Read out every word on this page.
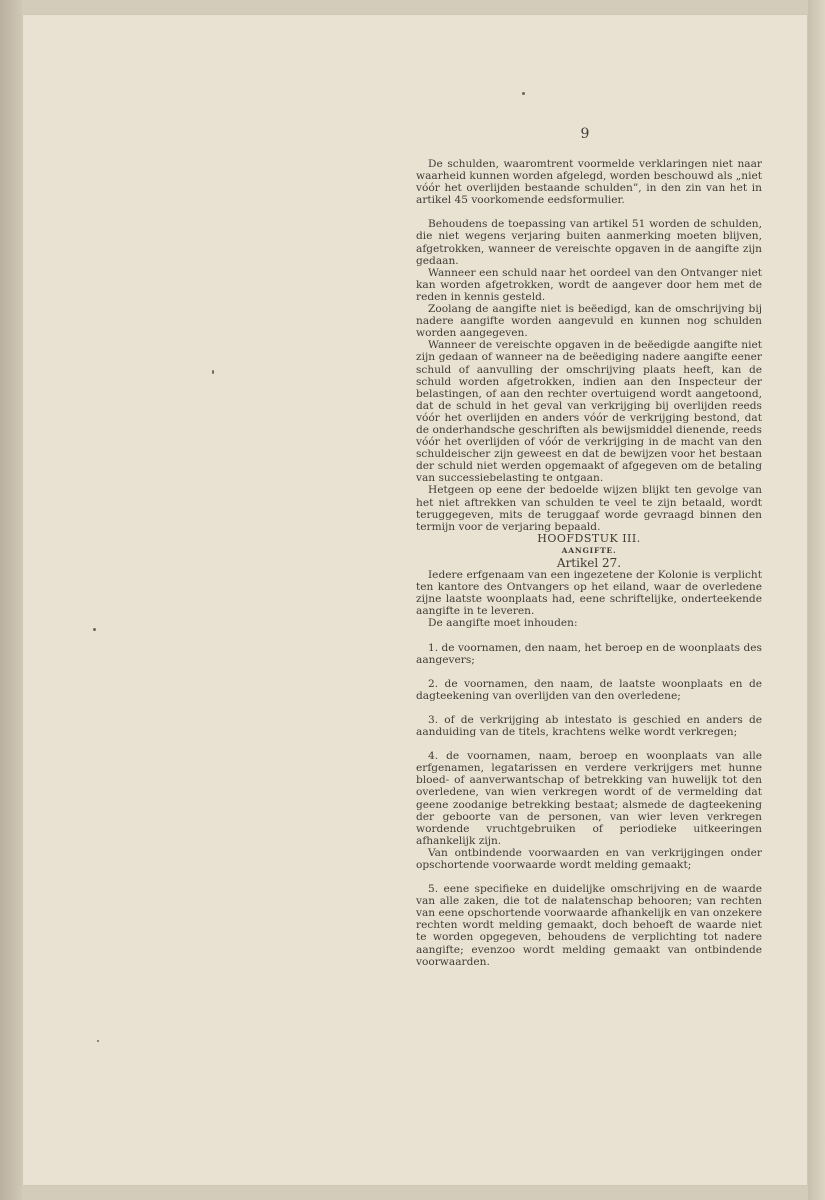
9

De schulden, waaromtrent voormelde verklaringen niet naar waarheid kunnen worden afgelegd, worden beschouwd als „niet vóór het overlijden bestaande schulden”, in den zin van het in artikel 45 voorkomende eedsformulier.

Behoudens de toepassing van artikel 51 worden de schulden, die niet wegens verjaring buiten aanmerking moeten blijven, afgetrokken, wanneer de vereischte opgaven in de aangifte zijn gedaan.

Wanneer een schuld naar het oordeel van den Ontvanger niet kan worden afgetrokken, wordt de aangever door hem met de reden in kennis gesteld.

Zoolang de aangifte niet is beëedigd, kan de omschrijving bij nadere aangifte worden aangevuld en kunnen nog schulden worden aangegeven.

Wanneer de vereischte opgaven in de beëedigde aangifte niet zijn gedaan of wanneer na de beëediging nadere aangifte eener schuld of aanvulling der omschrijving plaats heeft, kan de schuld worden afgetrokken, indien aan den Inspecteur der belastingen, of aan den rechter overtuigend wordt aangetoond, dat de schuld in het geval van verkrijging bij overlijden reeds vóór het overlijden en anders vóór de verkrijging bestond, dat de onderhandsche geschriften als bewijsmiddel dienende, reeds vóór het overlijden of vóór de verkrijging in de macht van den schuldeischer zijn geweest en dat de bewijzen voor het bestaan der schuld niet werden opgemaakt of afgegeven om de betaling van successiebelasting te ontgaan.

Hetgeen op eene der bedoelde wijzen blijkt ten gevolge van het niet aftrekken van schulden te veel te zijn betaald, wordt teruggegeven, mits de teruggaaf worde gevraagd binnen den termijn voor de verjaring bepaald.

HOOFDSTUK III.

AANGIFTE.

Artikel 27.

Iedere erfgenaam van een ingezetene der Kolonie is verplicht ten kantore des Ontvangers op het eiland, waar de overledene zijne laatste woonplaats had, eene schriftelijke, onderteekende aangifte in te leveren.

De aangifte moet inhouden:

1. de voornamen, den naam, het beroep en de woonplaats des aangevers;

2. de voornamen, den naam, de laatste woonplaats en de dagteekening van overlijden van den overledene;

3. of de verkrijging ab intestato is geschied en anders de aanduiding van de titels, krachtens welke wordt verkregen;

4. de voornamen, naam, beroep en woonplaats van alle erfgenamen, legatarissen en verdere verkrijgers met hunne bloed- of aanverwantschap of betrekking van huwelijk tot den overledene, van wien verkregen wordt of de vermelding dat geene zoodanige betrekking bestaat; alsmede de dagteekening der geboorte van de personen, van wier leven verkregen wordende vruchtgebruiken of periodieke uitkeeringen afhankelijk zijn.

Van ontbindende voorwaarden en van verkrijgingen onder opschortende voorwaarde wordt melding gemaakt;

5. eene specifieke en duidelijke omschrijving en de waarde van alle zaken, die tot de nalatenschap behooren; van rechten van eene opschortende voorwaarde afhankelijk en van onzekere rechten wordt melding gemaakt, doch behoeft de waarde niet te worden opgegeven, behoudens de verplichting tot nadere aangifte; evenzoo wordt melding gemaakt van ontbindende voorwaarden.
